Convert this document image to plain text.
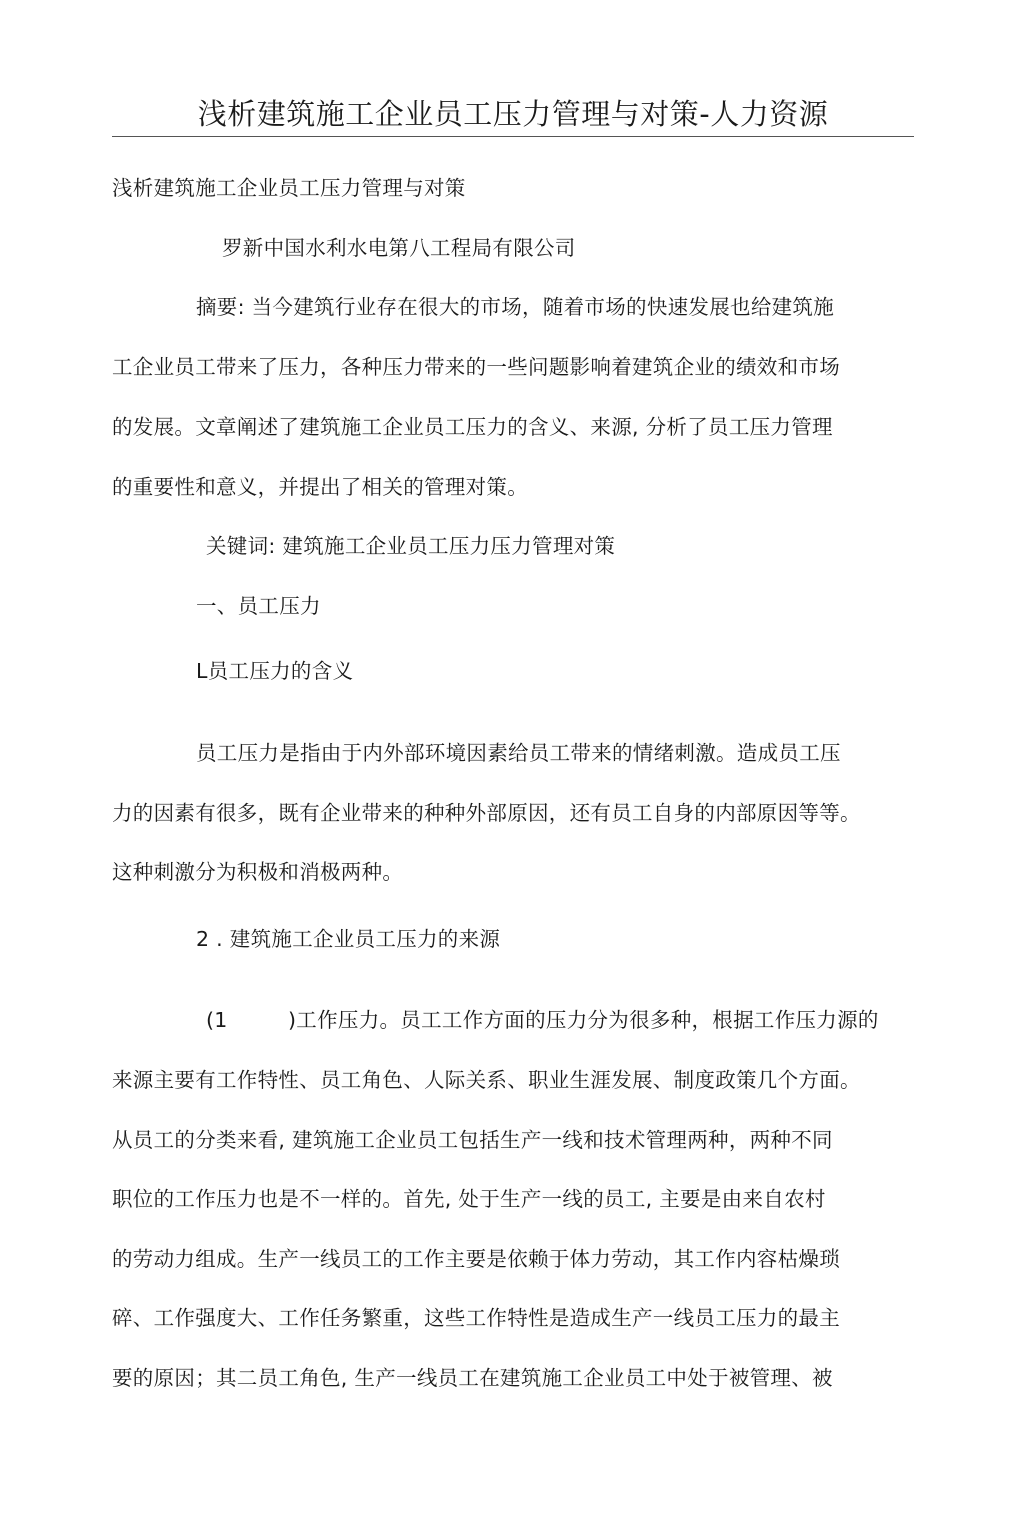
浅析建筑施工企业员工压力管理与对策-人力资源
浅析建筑施工企业员工压力管理与对策
罗新中国水利水电第八工程局有限公司
摘要: 当今建筑行业存在很大的市场，随着市场的快速发展也给建筑施
工企业员工带来了压力，各种压力带来的一些问题影响着建筑企业的绩效和市场
的发展。文章阐述了建筑施工企业员工压力的含义、来源, 分析了员工压力管理
的重要性和意义，并提出了相关的管理对策。
关键词: 建筑施工企业员工压力压力管理对策
一、员工压力
L员工压力的含义
员工压力是指由于内外部环境因素给员工带来的情绪刺激。造成员工压
力的因素有很多，既有企业带来的种种外部原因，还有员工自身的内部原因等等。
这种刺激分为积极和消极两种。
2 . 建筑施工企业员工压力的来源
(1	)工作压力。员工工作方面的压力分为很多种，根据工作压力源的
来源主要有工作特性、员工角色、人际关系、职业生涯发展、制度政策几个方面。
从员工的分类来看, 建筑施工企业员工包括生产一线和技术管理两种，两种不同
职位的工作压力也是不一样的。首先, 处于生产一线的员工, 主要是由来自农村
的劳动力组成。生产一线员工的工作主要是依赖于体力劳动，其工作内容枯燥琐
碎、工作强度大、工作任务繁重，这些工作特性是造成生产一线员工压力的最主
要的原因；其二员工角色, 生产一线员工在建筑施工企业员工中处于被管理、被
